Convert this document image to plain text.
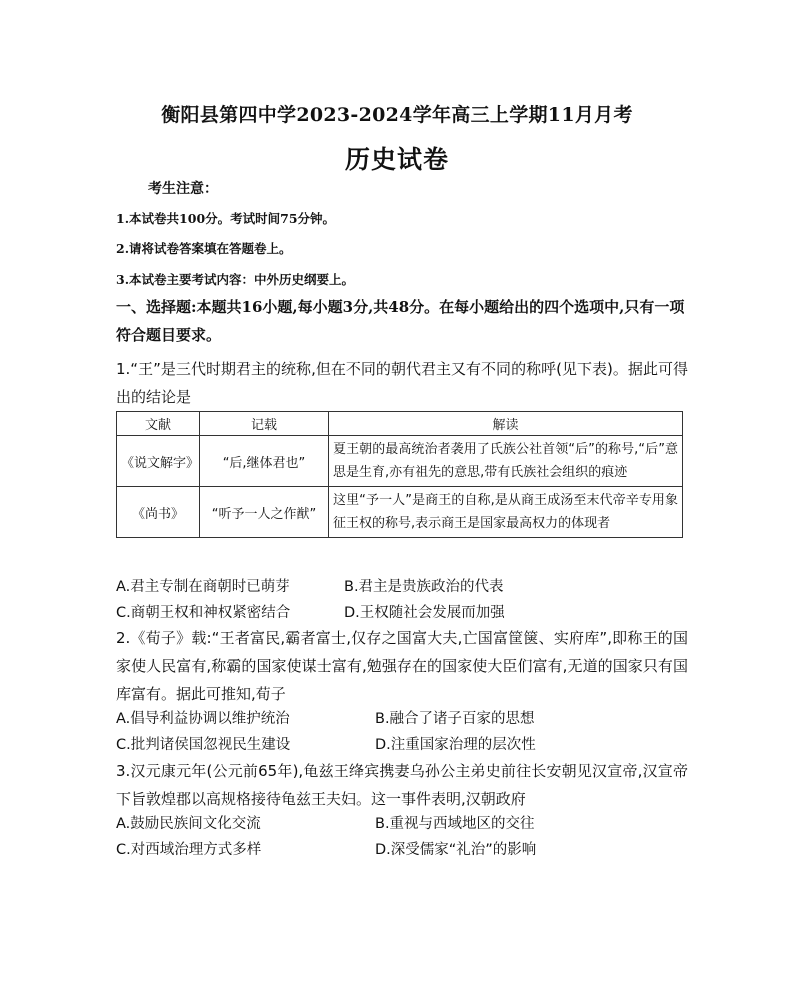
衡阳县第四中学2023-2024学年高三上学期11月月考
历史试卷
考生注意：
1.本试卷共100分。考试时间75分钟。
2.请将试卷答案填在答题卷上。
3.本试卷主要考试内容：中外历史纲要上。
一、选择题:本题共16小题,每小题3分,共48分。在每小题给出的四个选项中,只有一项符合题目要求。
1.“王”是三代时期君主的统称,但在不同的朝代君主又有不同的称呼(见下表)。据此可得出的结论是
文献	记载	解读
《说文解字》	“后,继体君也”	夏王朝的最高统治者袭用了氏族公社首领“后”的称号,“后”意思是生育,亦有祖先的意思,带有氏族社会组织的痕迹
《尚书》	“听予一人之作猷”	这里“予一人”是商王的自称,是从商王成汤至末代帝辛专用象征王权的称号,表示商王是国家最高权力的体现者
A.君主专制在商朝时已萌芽	B.君主是贵族政治的代表
C.商朝王权和神权紧密结合	D.王权随社会发展而加强
2.《荀子》载:“王者富民,霸者富士,仅存之国富大夫,亡国富筐箧、实府库”,即称王的国家使人民富有,称霸的国家使谋士富有,勉强存在的国家使大臣们富有,无道的国家只有国库富有。据此可推知,荀子
A.倡导利益协调以维护统治	B.融合了诸子百家的思想
C.批判诸侯国忽视民生建设	D.注重国家治理的层次性
3.汉元康元年(公元前65年),龟兹王绛宾携妻乌孙公主弟史前往长安朝见汉宣帝,汉宣帝下旨敦煌郡以高规格接待龟兹王夫妇。这一事件表明,汉朝政府
A.鼓励民族间文化交流	B.重视与西域地区的交往
C.对西域治理方式多样	D.深受儒家“礼治”的影响
